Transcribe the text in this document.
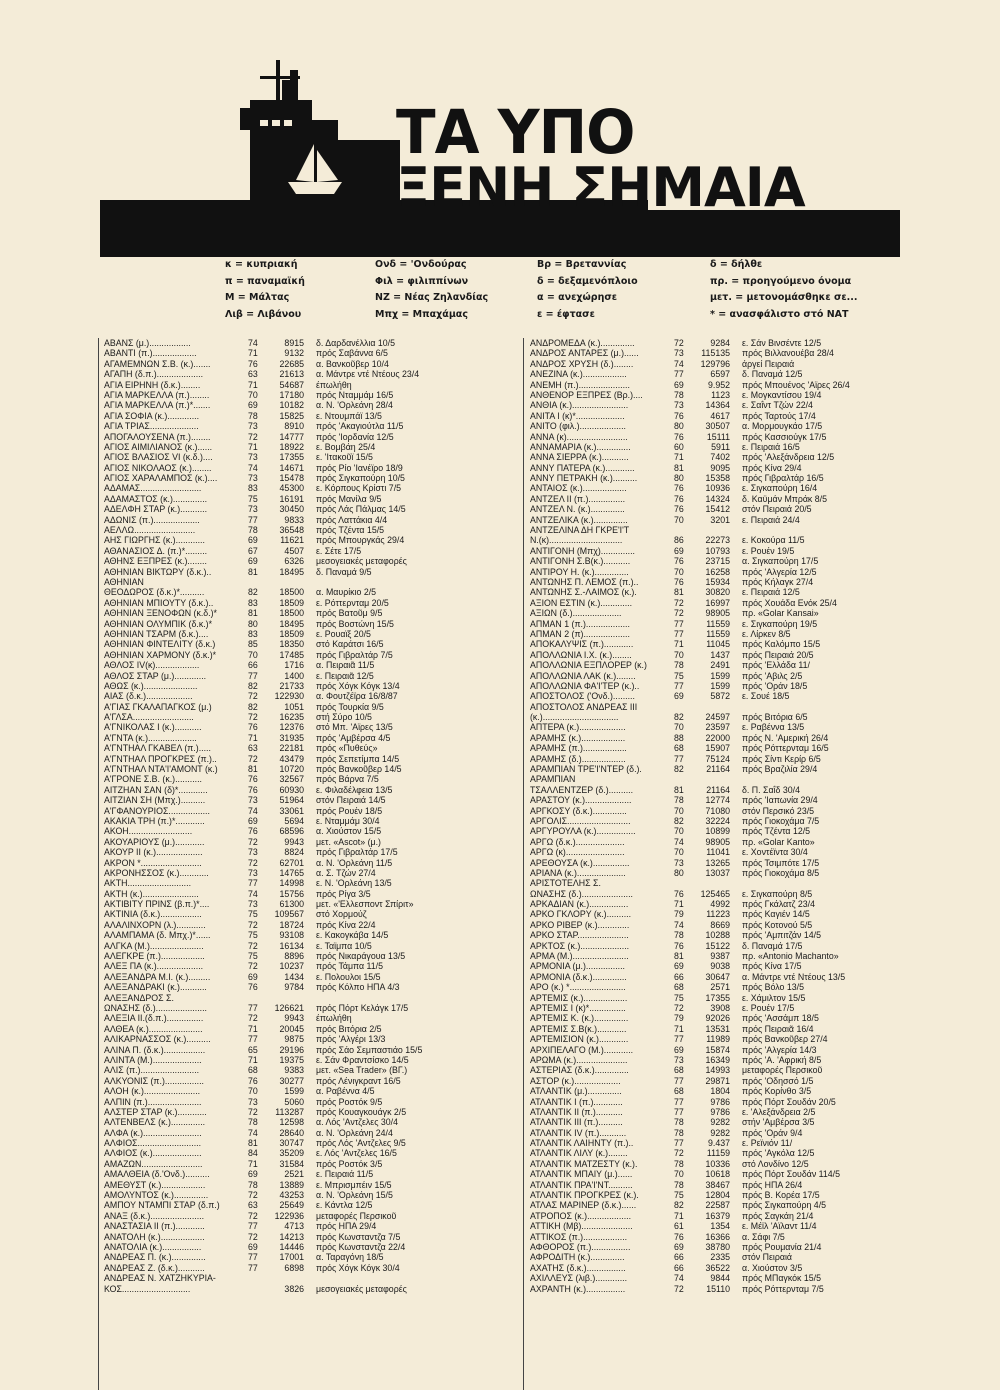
ΤΑ ΥΠΟ
ΞΕΝΗ ΣΗΜΑΙΑ
κ = κυπριακή
π = παναμαϊκή
Μ = Μάλτας
Λιβ = Λιβάνου
Ονδ = 'Ονδούρας
Φιλ = φιλιππίνων
ΝΖ = Νέας Ζηλανδίας
Μπχ = Μπαχάμας
Βρ = Βρεταννίας
δ = δεξαμενόπλοιο
α = ανεχώρησε
ε = έφτασε
δ = δήλθε
πρ. = προηγούμενο όνομα
μετ. = μετονομάσθηκε σε...
* = ανασφάλιστο στό ΝΑΤ
ΑΒΑΝΣ (μ.).................	74	8915 δ. Δαρδανέλλια 10/5
ΑΒΑΝΤΙ (π.)..................	71	9132 πρός Σαβάννα 6/5
ΑΓΑΜΕΜΝΩΝ Σ.Β. (κ.).......	76	22685 α. Βανκοῦβερ 10/4
ΑΓΑΠΗ (δ.π.)...................	63	21613 α. Μάντρε ντέ Ντέους 23/4
ΑΓΙΑ ΕΙΡΗΝΗ (δ.κ.)........	71	54687 έπωλήθη
ΑΓΙΑ ΜΑΡΚΕΛΛΑ (π.)........	70	17180 πρός Νταμμάμ 16/5
ΑΓΙΑ ΜΑΡΚΕΛΛΑ (π.)*.......	69	10182 α. Ν. 'Ορλεάνη 28/4
ΑΓΙΑ ΣΟΦΙΑ (κ.).............	78	15825 ε. Ντουμπάϊ 13/5
ΑΓΙΑ ΤΡΙΑΣ....................	73	8910 πρός 'Ακαγιούτλα 11/5
ΑΠΟΓΑΛΟΥΣΕΝΑ (π.)........	72	14777 πρός 'Ιορδανία 12/5
ΑΓΙΟΣ ΑΙΜΙΛΙΑΝΟΣ (κ.)......	71	18922 ε. Βομβάη 25/4
ΑΓΙΟΣ ΒΛΑΣΙΟΣ VI (κ.δ.)....	73	17355 ε. 'Ιτακοῦϊ 15/5
ΑΓΙΟΣ ΝΙΚΟΛΑΟΣ (κ.)........	74	14671 πρός Ρίο 'Ιανέϊρο 18/9
ΑΓΙΟΣ ΧΑΡΑΛΑΜΠΟΣ (κ.)....	73	15478 πρός Σιγκαπούρη 10/5
ΑΔΑΜΑΣ.........................	83	45300 ε. Κόρπους Κρίστι 7/5
ΑΔΑΜΑΣΤΟΣ (κ.)..............	75	16191 πρός Μανίλα 9/5
ΑΔΕΛΦΗ ΣΤΑΡ (κ.)...........	73	30450 πρός Λάς Πάλμας 14/5
ΑΔΩΝΙΣ (π.)...................	77	9833 πρός Λαττάκια 4/4
ΑΕΛΛΩ.........................	78	36548 πρός Τζέντα 15/5
ΑΗΣ ΓΙΩΡΓΗΣ (κ.)............	69	11621 πρός Μπουργκάς 29/4
ΑΘΑΝΑΣΙΟΣ Δ. (π.)*.........	67	4507 ε. Σέτε 17/5
ΑΘΗΝΣ ΕΞΠΡΕΣ (κ.)........	69	6326 μεσογειακές μεταφορές
ΑΘΗΝΙΑΝ ΒΙΚΤΩΡΥ (δ.κ.)..	81	18495 δ. Παναμά 9/5
ΑΘΗΝΙΑΝ
ΘΕΟΔΩΡΟΣ (δ.κ.)*..........	82	18500 α. Μαυρίκιο 2/5
ΑΘΗΝΙΑΝ ΜΠΙΟΥΤΥ (δ.κ.)..	83	18509 ε. Ρόττερνταμ 20/5
ΑΘΗΝΙΑΝ ΞΕΝΟΦΩΝ (κ.δ.)*	81	18500 πρός Βατοῦμ 9/5
ΑΘΗΝΙΑΝ ΟΛΥΜΠΙΚ (δ.κ.)*	80	18495 πρός Βοστώνη 15/5
ΑΘΗΝΙΑΝ ΤΣΑΡΜ (δ.κ.)....	83	18509 ε. Ρουαϊξ 20/5
ΑΘΗΝΙΑΝ ΦΙΝΤΕΛΙΤΥ (δ.κ.)	85	18350 στό Καράτσι 16/5
ΑΘΗΝΙΑΝ ΧΑΡΜΟΝΥ (δ.κ.)*	70	17485 πρός Γιβραλτάρ 7/5
ΑΘΛΟΣ IV(κ)..................	66	1716 α. Πειραιᾶ 11/5
ΑΘΛΟΣ ΣΤΑΡ (μ.).............	77	1400 ε. Πειραιᾶ 12/5
ΑΘΩΣ (κ.)......................	82	21733 πρός Χόγκ Κόγκ 13/4
ΑΙΑΣ (δ.κ.)...................	72	122930 α. Φουτζέϊρα 16/8/87
Α'ΓΙΑΣ ΓΚΑΛΑΠΑΓΚΟΣ (μ.)	82	1051 πρός Τουρκία 9/5
Α'ΓΛΣΑ.........................	72	16235 στή Σύρο 10/5
Α'ΓΝΙΚΟΛΑΣ Ι (κ.)...........	76	12376 στό Μπ. 'Αϊρες 13/5
Α'ΓΝΤΑ (κ.)....................	71	31935 πρός 'Αμβέρσα 4/5
Α'ΓΝΤΗΑΛ ΓΚΑΒΕΛ (π.).....	63	22181 πρός «Πυθεύς»
Α'ΓΝΤΗΑΛ ΠΡΟΓΚΡΕΣ (π.)..	72	43479 πρός Σεπετίμπα 14/5
Α'ΓΝΤΗΑΛ ΝΤΑ'Ι'ΑΜΟΝΤ (κ.)	81	10720 πρός Βανκοῦβερ 14/5
Α'ΓΡΟΝΕ Σ.Β. (κ.)...........	76	32567 πρός Βάρνα 7/5
ΑΙΤΖΗΑΝ ΣΑΝ (δ)*............	76	60930 ε. Φιλαδέλφεια 13/5
ΑΙΤΖΙΑΝ ΣΗ (Μπχ.)..........	73	51964 στόν Πειραιά 14/5
Α'ΓΦΑΝΟΥΡΙΟΣ.................	74	33061 πρός Ρουέν 18/5
ΑΚΑΚΙΑ ΤΡΗ (π.)*............	69	5694 ε. Νταμμάμ 30/4
ΑΚΟΗ..........................	76	68596 α. Χιούστον 15/5
ΑΚΟΥΑΡΙΟΥΣ (μ.)............	72	9943 μετ. «Ascot» (μ.)
ΑΚΟΥΡ ΙΙ (κ.)...................	73	8824 πρός Γιβραλτάρ 17/5
ΑΚΡΟΝ *.........................	72	62701 α. Ν. 'Ορλεάνη 11/5
ΑΚΡΟΝΗΣΣΟΣ (κ.)............	73	14765 α. Σ. Τζών 27/4
ΑΚΤΗ..........................	77	14998 ε. Ν. 'Ορλεάνη 13/5
ΑΚΤΗ (κ.).......................	74	15756 πρός Ρίγα 3/5
ΑΚΤΙΒΙΤΥ ΠΡΙΝΣ (β.π.)*....	73	61300 μετ. «'Ελλεσποντ Σπίριτ»
ΑΚΤΙΝΙΑ (δ.κ.).................	75	109567 στό Χορμούζ
ΑΛΑΛΙΝΧΟΡΝ (λ.)............	72	18724 πρός Κίνα 22/4
ΑΛΑΜΠΑΜΑ (δ. Μπχ.)*......	75	93108 ε. Κακογκάβα 14/5
ΑΛΓΚΑ (Μ.)......................	72	16134 ε. Ταϊμπα 10/5
ΑΛΕΓΚΡΕ (π.)..................	75	8896 πρός Νικαράγουα 13/5
ΑΛΕΞ ΠΑ (κ.)...................	72	10237 πρός Τάμπα 11/5
ΑΛΕΞΑΝΔΡΑ Μ.Ι. (κ.).........	69	1434 ε. Πολουλοι 15/5
ΑΛΕΞΑΝΔΡΑΚΙ (κ.)...........	76	9784 πρός Κόλπο ΗΠΑ 4/3
ΑΛΕΞΑΝΔΡΟΣ Σ.
ΩΝΑΣΗΣ (δ.).....................	77	126621 πρός Πόρτ Κελάγκ 17/5
ΑΛΕΞΙΑ ΙΙ.(δ.π.)...............	72	9943 έπωλήθη
ΑΛΘΕΑ (κ.)......................	71	20045 πρός Βιτόρια 2/5
ΑΛΙΚΑΡΝΑΣΣΟΣ (κ.)..........	77	9875 πρός 'Αλγέρι 13/3
ΑΛΙΝΑ Π. (δ.κ.).................	65	29196 πρός Σάο Σεμπαστιάο 15/5
ΑΛΙΝΤΑ (Μ.)....................	71	19375 ε. Σάν Φραντσίσκο 14/5
ΑΛΙΣ (π.)........................	68	9383 μετ. «Sea Trader» (ΒΓ.)
ΑΛΚΥΟΝΙΣ (π.)................	76	30277 πρός Λένιγκραντ 16/5
ΑΛΟΗ (κ.).......................	70	1599 α. Ραβέννα 4/5
ΑΛΠΙΝ (π.)......................	73	5060 πρός Ροστόκ 9/5
ΑΛΣΤΕΡ ΣΤΑΡ (κ.)............	72	113287 πρός Κουαγκουάγκ 2/5
ΑΛΤΕΝΒΕΛΣ (κ.)..............	78	12598 α. Λός 'Αντζελες 30/4
ΑΛΦΑ (κ.)........................	74	28640 α. Ν. 'Ορλεάνη 24/4
ΑΛΦΙΟΣ..........................	81	30747 πρός Λός 'Αντζελες 9/5
ΑΛΦΙΟΣ (κ.)....................	84	35209 ε. Λός 'Αντζελες 16/5
ΑΜΑΖΩΝ.........................	71	31584 πρός Ροστόκ 3/5
ΑΜΑΛΘΕΙΑ (δ.'Ονδ.)..........	69	2521 ε. Πειραιά 11/5
ΑΜΕΘΥΣΤ (κ.)..................	78	13889 ε. Μπρισμπέιν 15/5
ΑΜΟΛΥΝΤΟΣ (κ.)..............	72	43253 α. Ν. 'Ορλεάνη 15/5
ΑΜΠΟΥ ΝΤΑΜΠΙ ΣΤΑΡ (δ.π.)	63	25649 ε. Κάντλα 12/5
ΑΝΑΞ (δ.κ.)......................	72	122936 μεταφορές Περσικοῦ
ΑΝΑΣΤΑΣΙΑ ΙΙ (π.)............	77	4713 πρός ΗΠΑ 29/4
ΑΝΑΤΟΛΗ (κ.)..................	72	14213 πρός Κωνσταντζα 7/5
ΑΝΑΤΟΛΙΑ (κ.)................	69	14446 πρός Κωνσταντζα 22/4
ΑΝΔΡΕΑΣ Π. (κ.)..............	77	17001 α. Ταραγόνη 18/5
ΑΝΔΡΕΑΣ Ζ. (δ.κ.)...........	77	6898 πρός Χόγκ Κόγκ 30/4
ΑΝΔΡΕΑΣ Ν. ΧΑΤΖΗΚΥΡΙΑ-
ΚΟΣ............................	3826 μεσογειακές μεταφορές
ΑΝΔΡΟΜΕΔΑ (κ.)..............	72	9284 ε. Σάν Βινσέντε 12/5
ΑΝΔΡΟΣ ΑΝΤΑΡΕΣ (μ.)......	73	115135 πρός Βιλλανουέβα 28/4
ΑΝΔΡΟΣ ΧΡΥΣΗ (δ.)........	74	129796 άργεί Πειραιά
ΑΝΕΖΙΝΑ (κ.)..................	77	6597 δ. Παναμά 12/5
ΑΝΕΜΗ (π.).....................	69	9.952 πρός Μπουένος 'Αϊρες 26/4
ΑΝΘΕΝΟΡ ΕΞΠΡΕΣ (Βρ.)....	78	1123 ε. Μογκαντίσου 19/4
ΑΝΘΙΑ (κ.).......................	73	14364 ε. Σαΐντ Τζών 22/4
ΑΝΙΤΑ Ι (κ)*....................	76	4617 πρός Ταρτούς 17/4
ΑΝΙΤΟ (φιλ.)...................	80	30507 α. Μορμουγκάο 17/5
ΑΝΝΑ (κ).........................	76	15111 πρός Κασσιούγκ 17/5
ΑΝΝΑΜΑΡΙΑ (κ.)..............	60	5911 ε. Πειραιά 16/5
ΑΝΝΑ ΣΙΕΡΡΑ (κ.)...........	71	7402 πρός 'Αλεξάνδρεια 12/5
ΑΝΝΥ ΠΑΤΕΡΑ (κ.)............	81	9095 πρός Κίνα 29/4
ΑΝΝΥ ΠΕΤΡΑΚΗ (κ.)..........	80	15358 πρός Γιβραλτάρ 16/5
ΑΝΤΑΙΟΣ (κ.)..................	76	10936 ε. Σιγκαπούρη 16/4
ΑΝΤΖΕΛ ΙΙ (π.)...............	76	14324 δ. Καϋμάν Μπράκ 8/5
ΑΝΤΖΕΛ Ν. (κ.)..............	76	15412 στόν Πειραιά 20/5
ΑΝΤΖΕΛΙΚΑ (κ.)..............	70	3201 ε. Πειραιά 24/4
ΑΝΤΖΕΛΙΝΑ ΔΗ ΓΚΡΕ'Ι'Τ
Ν.(κ)..............................	86	22273 ε. Κοκούρα 11/5
ΑΝΤΙΓΟΝΗ (Μπχ)..............	69	10793 ε. Ρουέν 19/5
ΑΝΤΙΓΟΝΗ Σ.Β(κ.)...........	76	23715 α. Σιγκαπούρη 17/5
ΑΝΤΙΡΟΥ Η. (κ.)..............	70	16258 πρός 'Αλγερία 12/5
ΑΝΤΩΝΗΣ Π. ΛΕΜΟΣ (π.)..	76	15934 πρός Κήλαγκ 27/4
ΑΝΤΩΝΗΣ Σ.-ΛΑΙΜΟΣ (κ.).	81	30820 ε. Πειραιά 12/5
ΑΞΙΟΝ ΕΣΤΙΝ (κ.).............	72	16997 πρός Χουάδα Ενόκ 25/4
ΑΞΙΩΝ (δ.)....................	72	98905 πρ. «Golar Kansai»
ΑΠΜΑΝ 1 (π.)..................	77	11559 ε. Σιγκαπούρη 19/5
ΑΠΜΑΝ 2 (π)...................	77	11559 ε. Λίρκεν 8/5
ΑΠΟΚΑΛΥΨΙΣ (π.)............	71	11045 πρός Καλόμπο 15/5
ΑΠΟΛΛΩΝΙΑ Ι.Χ. (κ.)........	70	1437 πρός Πειραιά 20/5
ΑΠΟΛΛΩΝΙΑ ΕΞΠΛΟΡΕΡ (κ.)	78	2491 πρός 'Ελλάδα 11/
ΑΠΟΛΛΩΝΙΑ ΛΑΚ (κ.)........	75	1599 πρός 'Αβιλς 2/5
ΑΠΟΛΛΩΝΙΑ ΦΑ'Ι'ΤΕΡ (κ.)..	77	1599 πρός 'Οράν 18/5
ΑΠΟΣΤΟΛΟΣ ('Ονδ.).........	69	5872 ε. Σουέ 18/5
ΑΠΟΣΤΟΛΟΣ ΑΝΔΡΕΑΣ ΙΙΙ
(κ.)...............................	82	24597 πρός Βιτόρια 6/5
ΑΠΤΕΡΑ (κ.)...................	70	23597 ε. Ραβέννα 13/5
ΑΡΑΜΗΣ (κ.)..................	88	22000 πρός Ν. 'Αμερική 26/4
ΑΡΑΜΗΣ (π.)..................	68	15907 πρός Ρόττερνταμ 16/5
ΑΡΑΜΗΣ (δ.)..................	77	75124 πρός Σίντι Κερίρ 6/5
ΑΡΑΜΠΙΑΝ ΤΡΕ'Ι'ΝΤΕΡ (δ.).	82	21164 πρός Βραζιλία 29/4
ΑΡΑΜΠΙΑΝ
ΤΣΑΛΛΕΝΤΖΕΡ (δ.)..........	81	21164 δ. Π. Σαΐδ 30/4
ΑΡΑΣΤΟΥ (κ.)...................	78	12774 πρός 'Ιαπωνία 29/4
ΑΡΓΚΟΣΥ (δ.κ.)..............	70	71080 στόν Περσικό 23/5
ΑΡΓΟΛΙΣ..........................	82	32224 πρός Γιοκοχάμα 7/5
ΑΡΓΥΡΟΥΛΑ (κ.)................	70	10899 πρός Τζέντα 12/5
ΑΡΓΩ (δ.κ.)....................	74	98905 πρ. «Golar Kanto»
ΑΡΓΩ (κ)........................	70	11041 ε. Χοντέϊντα 30/4
ΑΡΕΘΟΥΣΑ (κ.)...............	73	13265 πρός Τσιμπότε 17/5
ΑΡΙΑΝΑ (κ.)....................	80	13037 πρός Γιοκοχάμα 8/5
ΑΡΙΣΤΟΤΕΛΗΣ Σ.
ΩΝΑΣΗΣ (δ.).....................	76	125465 ε. Σιγκαπούρη 8/5
ΑΡΚΑΔΙΑΝ (κ.)................	71	4992 πρός Γκάλατζ 23/4
ΑΡΚΟ ΓΚΛΟΡΥ (κ.)..........	79	11223 πρός Καγιέν 14/5
ΑΡΚΟ ΡΙΒΕΡ (κ.).............	74	8669 πρός Κοτονού 5/5
ΑΡΚΟ ΣΤΑΡ.....................	78	10288 πρός 'Αμπιτζάν 14/5
ΑΡΚΤΟΣ (κ.)....................	76	15122 δ. Παναμά 17/5
ΑΡΜΑ (Μ.).......................	81	9387 πρ. «Antonio Machanto»
ΑΡΜΟΝΙΑ (μ.)................	69	9038 πρός Κίνα 17/5
ΑΡΜΟΝΙΑ (δ.κ.)..............	66	30647 α. Μάντρε ντέ Ντέους 13/5
ΑΡΟ (κ.) *.......................	68	2571 πρός Βόλο 13/5
ΑΡΤΕΜΙΣ (κ.)..................	75	17355 ε. Χάμιλτον 15/5
ΑΡΤΕΜΙΣ Ι (κ)*...............	72	3908 ε. Ρουέν 17/5
ΑΡΤΕΜΙΣ Κ. (κ.)..............	79	92026 πρός 'Ασσάμπ 18/5
ΑΡΤΕΜΙΣ Σ.Β(κ.)............	71	13531 πρός Πειραιᾶ 16/4
ΑΡΤΕΜΙΣΙΟΝ (κ.)............	77	11989 πρός Βανκοῦβερ 27/4
ΑΡΧΙΠΕΛΑΓΟ (Μ.)............	69	15874 πρός 'Αλγερία 14/3
ΑΡΩΜΑ (κ.).....................	73	16349 πρός 'Α. 'Αφρική 8/5
ΑΣΤΕΡΙΑΣ (δ.κ.)..............	68	14993 μεταφορές Περσικοῦ
ΑΣΤΟΡ (κ.)...................	77	29871 πρός 'Οδησσό 1/5
ΑΤΛΑΝΤΙΚ (μ.)..............	68	1804 πρός Κορίνθο 3/5
ΑΤΛΑΝΤΙΚ Ι (π.)............	77	9786 πρός Πόρτ Σουδάν 20/5
ΑΤΛΑΝΤΙΚ ΙΙ (π.)...........	77	9786 ε. 'Αλεξάνδρεια 2/5
ΑΤΛΑΝΤΙΚ ΙΙΙ (π.)..........	78	9282 στήν 'Αμβέρσα 3/5
ΑΤΛΑΝΤΙΚ IV (π.)...........	78	9282 πρός 'Οράν 9/4
ΑΤΛΑΝΤΙΚ ΛΑΙΗΝΤΥ (π.)..	77	9.437 ε. Ρεϊνιόν 11/
ΑΤΛΑΝΤΙΚ ΛΙΛΥ (κ.)........	72	11159 πρός 'Αγκόλα 12/5
ΑΤΛΑΝΤΙΚ ΜΑΤΖΕΣΤΥ (κ.).	78	10336 στό Λονδίνο 12/5
ΑΤΛΑΝΤΙΚ ΜΠΑΙΥ (μ.)......	70	10618 πρός Πόρτ Σουδάν 114/5
ΑΤΛΑΝΤΙΚ ΠΡΑ'Ι'ΝΤ..........	78	38467 πρός ΗΠΑ 26/4
ΑΤΛΑΝΤΙΚ ΠΡΟΓΚΡΕΣ (κ.).	75	12804 πρός Β. Κορέα 17/5
ΑΤΛΑΣ ΜΑΡΙΝΕΡ (δ.κ.)......	82	22587 πρός Σιγκαπούρη 4/5
ΑΤΡΟΠΟΣ (κ.)..................	71	16379 πρός Σαγκάη 21/4
ΑΤΤΙΚΗ (Μβ).....................	61	1354 ε. Μέϊλ 'Αϊλαντ 11/4
ΑΤΤΙΚΟΣ (π.)..................	76	16366 α. Σάφι 7/5
ΑΦΘΟΡΟΣ (π.)................	69	38780 πρός Ρουμανία 21/4
ΑΦΡΟΔΙΤΗ (κ.)..............	66	2335 στόν Πειραιά
ΑΧΑΤΗΣ (δ.κ.)................	66	36522 α. Χιούστον 3/5
ΑΧΙΛΛΕΥΣ (λιβ.).............	74	9844 πρός ΜΠαγκόκ 15/5
ΑΧΡΑΝΤΗ (κ.)................	72	15110 πρός Ρόττερνταμ 7/5
